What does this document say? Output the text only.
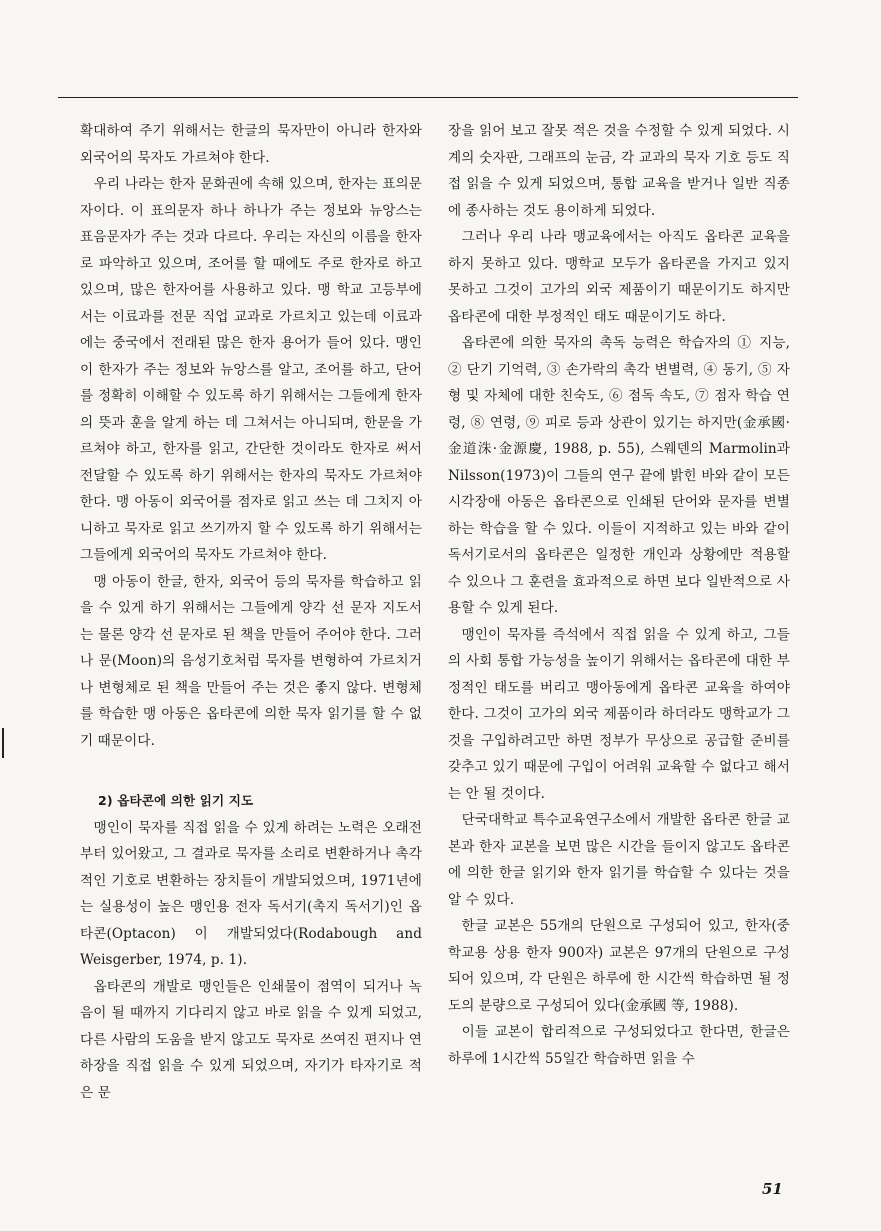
확대하여 주기 위해서는 한글의 묵자만이 아니라 한자와 외국어의 묵자도 가르쳐야 한다.

우리 나라는 한자 문화권에 속해 있으며, 한자는 표의문자이다. 이 표의문자 하나 하나가 주는 정보와 뉴앙스는 표음문자가 주는 것과 다르다. 우리는 자신의 이름을 한자로 파악하고 있으며, 조어를 할 때에도 주로 한자로 하고 있으며, 많은 한자어를 사용하고 있다. 맹 학교 고등부에서는 이료과를 전문 직업 교과로 가르치고 있는데 이료과에는 중국에서 전래된 많은 한자 용어가 들어 있다. 맹인이 한자가 주는 정보와 뉴앙스를 알고, 조어를 하고, 단어를 정확히 이해할 수 있도록 하기 위해서는 그들에게 한자의 뜻과 훈을 알게 하는 데 그쳐서는 아니되며, 한문을 가르쳐야 하고, 한자를 읽고, 간단한 것이라도 한자로 써서 전달할 수 있도록 하기 위해서는 한자의 묵자도 가르쳐야 한다. 맹 아동이 외국어를 점자로 읽고 쓰는 데 그치지 아니하고 묵자로 읽고 쓰기까지 할 수 있도록 하기 위해서는 그들에게 외국어의 묵자도 가르쳐야 한다.

맹 아동이 한글, 한자, 외국어 등의 묵자를 학습하고 읽을 수 있게 하기 위해서는 그들에게 양각 선 문자 지도서는 물론 양각 선 문자로 된 책을 만들어 주어야 한다. 그러나 문(Moon)의 음성기호처럼 묵자를 변형하여 가르치거나 변형체로 된 책을 만들어 주는 것은 좋지 않다. 변형체를 학습한 맹 아동은 옵타콘에 의한 묵자 읽기를 할 수 없기 때문이다.

2) 옵타콘에 의한 읽기 지도

맹인이 묵자를 직접 읽을 수 있게 하려는 노력은 오래전부터 있어왔고, 그 결과로 묵자를 소리로 변환하거나 촉각적인 기호로 변환하는 장치들이 개발되었으며, 1971년에는 실용성이 높은 맹인용 전자 독서기(촉지 독서기)인 옵타콘(Optacon) 이 개발되었다(Rodabough and Weisgerber, 1974, p. 1).

옵타콘의 개발로 맹인들은 인쇄물이 점역이 되거나 녹음이 될 때까지 기다리지 않고 바로 읽을 수 있게 되었고, 다른 사람의 도움을 받지 않고도 묵자로 쓰여진 편지나 연하장을 직접 읽을 수 있게 되었으며, 자기가 타자기로 적은 문

장을 읽어 보고 잘못 적은 것을 수정할 수 있게 되었다. 시계의 숫자판, 그래프의 눈금, 각 교과의 묵자 기호 등도 직접 읽을 수 있게 되었으며, 통합 교육을 받거나 일반 직종에 종사하는 것도 용이하게 되었다.

그러나 우리 나라 맹교육에서는 아직도 옵타콘 교육을 하지 못하고 있다. 맹학교 모두가 옵타콘을 가지고 있지 못하고 그것이 고가의 외국 제품이기 때문이기도 하지만 옵타콘에 대한 부정적인 태도 때문이기도 하다.

옵타콘에 의한 묵자의 촉독 능력은 학습자의 ① 지능, ② 단기 기억력, ③ 손가락의 촉각 변별력, ④ 동기, ⑤ 자형 및 자체에 대한 친숙도, ⑥ 점독 속도, ⑦ 점자 학습 연령, ⑧ 연령, ⑨ 피로 등과 상관이 있기는 하지만(金承國·金道洙·金源慶, 1988, p. 55), 스웨덴의 Marmolin과 Nilsson(1973)이 그들의 연구 끝에 밝힌 바와 같이 모든 시각장애 아동은 옵타콘으로 인쇄된 단어와 문자를 변별하는 학습을 할 수 있다. 이들이 지적하고 있는 바와 같이 독서기로서의 옵타콘은 일정한 개인과 상황에만 적용할 수 있으나 그 훈련을 효과적으로 하면 보다 일반적으로 사용할 수 있게 된다.

맹인이 묵자를 즉석에서 직접 읽을 수 있게 하고, 그들의 사회 통합 가능성을 높이기 위해서는 옵타콘에 대한 부정적인 태도를 버리고 맹아동에게 옵타콘 교육을 하여야 한다. 그것이 고가의 외국 제품이라 하더라도 맹학교가 그것을 구입하려고만 하면 정부가 무상으로 공급할 준비를 갖추고 있기 때문에 구입이 어려워 교육할 수 없다고 해서는 안 될 것이다.

단국대학교 특수교육연구소에서 개발한 옵타콘 한글 교본과 한자 교본을 보면 많은 시간을 들이지 않고도 옵타콘에 의한 한글 읽기와 한자 읽기를 학습할 수 있다는 것을 알 수 있다.

한글 교본은 55개의 단원으로 구성되어 있고, 한자(중학교용 상용 한자 900자) 교본은 97개의 단원으로 구성되어 있으며, 각 단원은 하루에 한 시간씩 학습하면 될 정도의 분량으로 구성되어 있다(金承國 等, 1988).

이들 교본이 합리적으로 구성되었다고 한다면, 한글은 하루에 1시간씩 55일간 학습하면 읽을 수

51
